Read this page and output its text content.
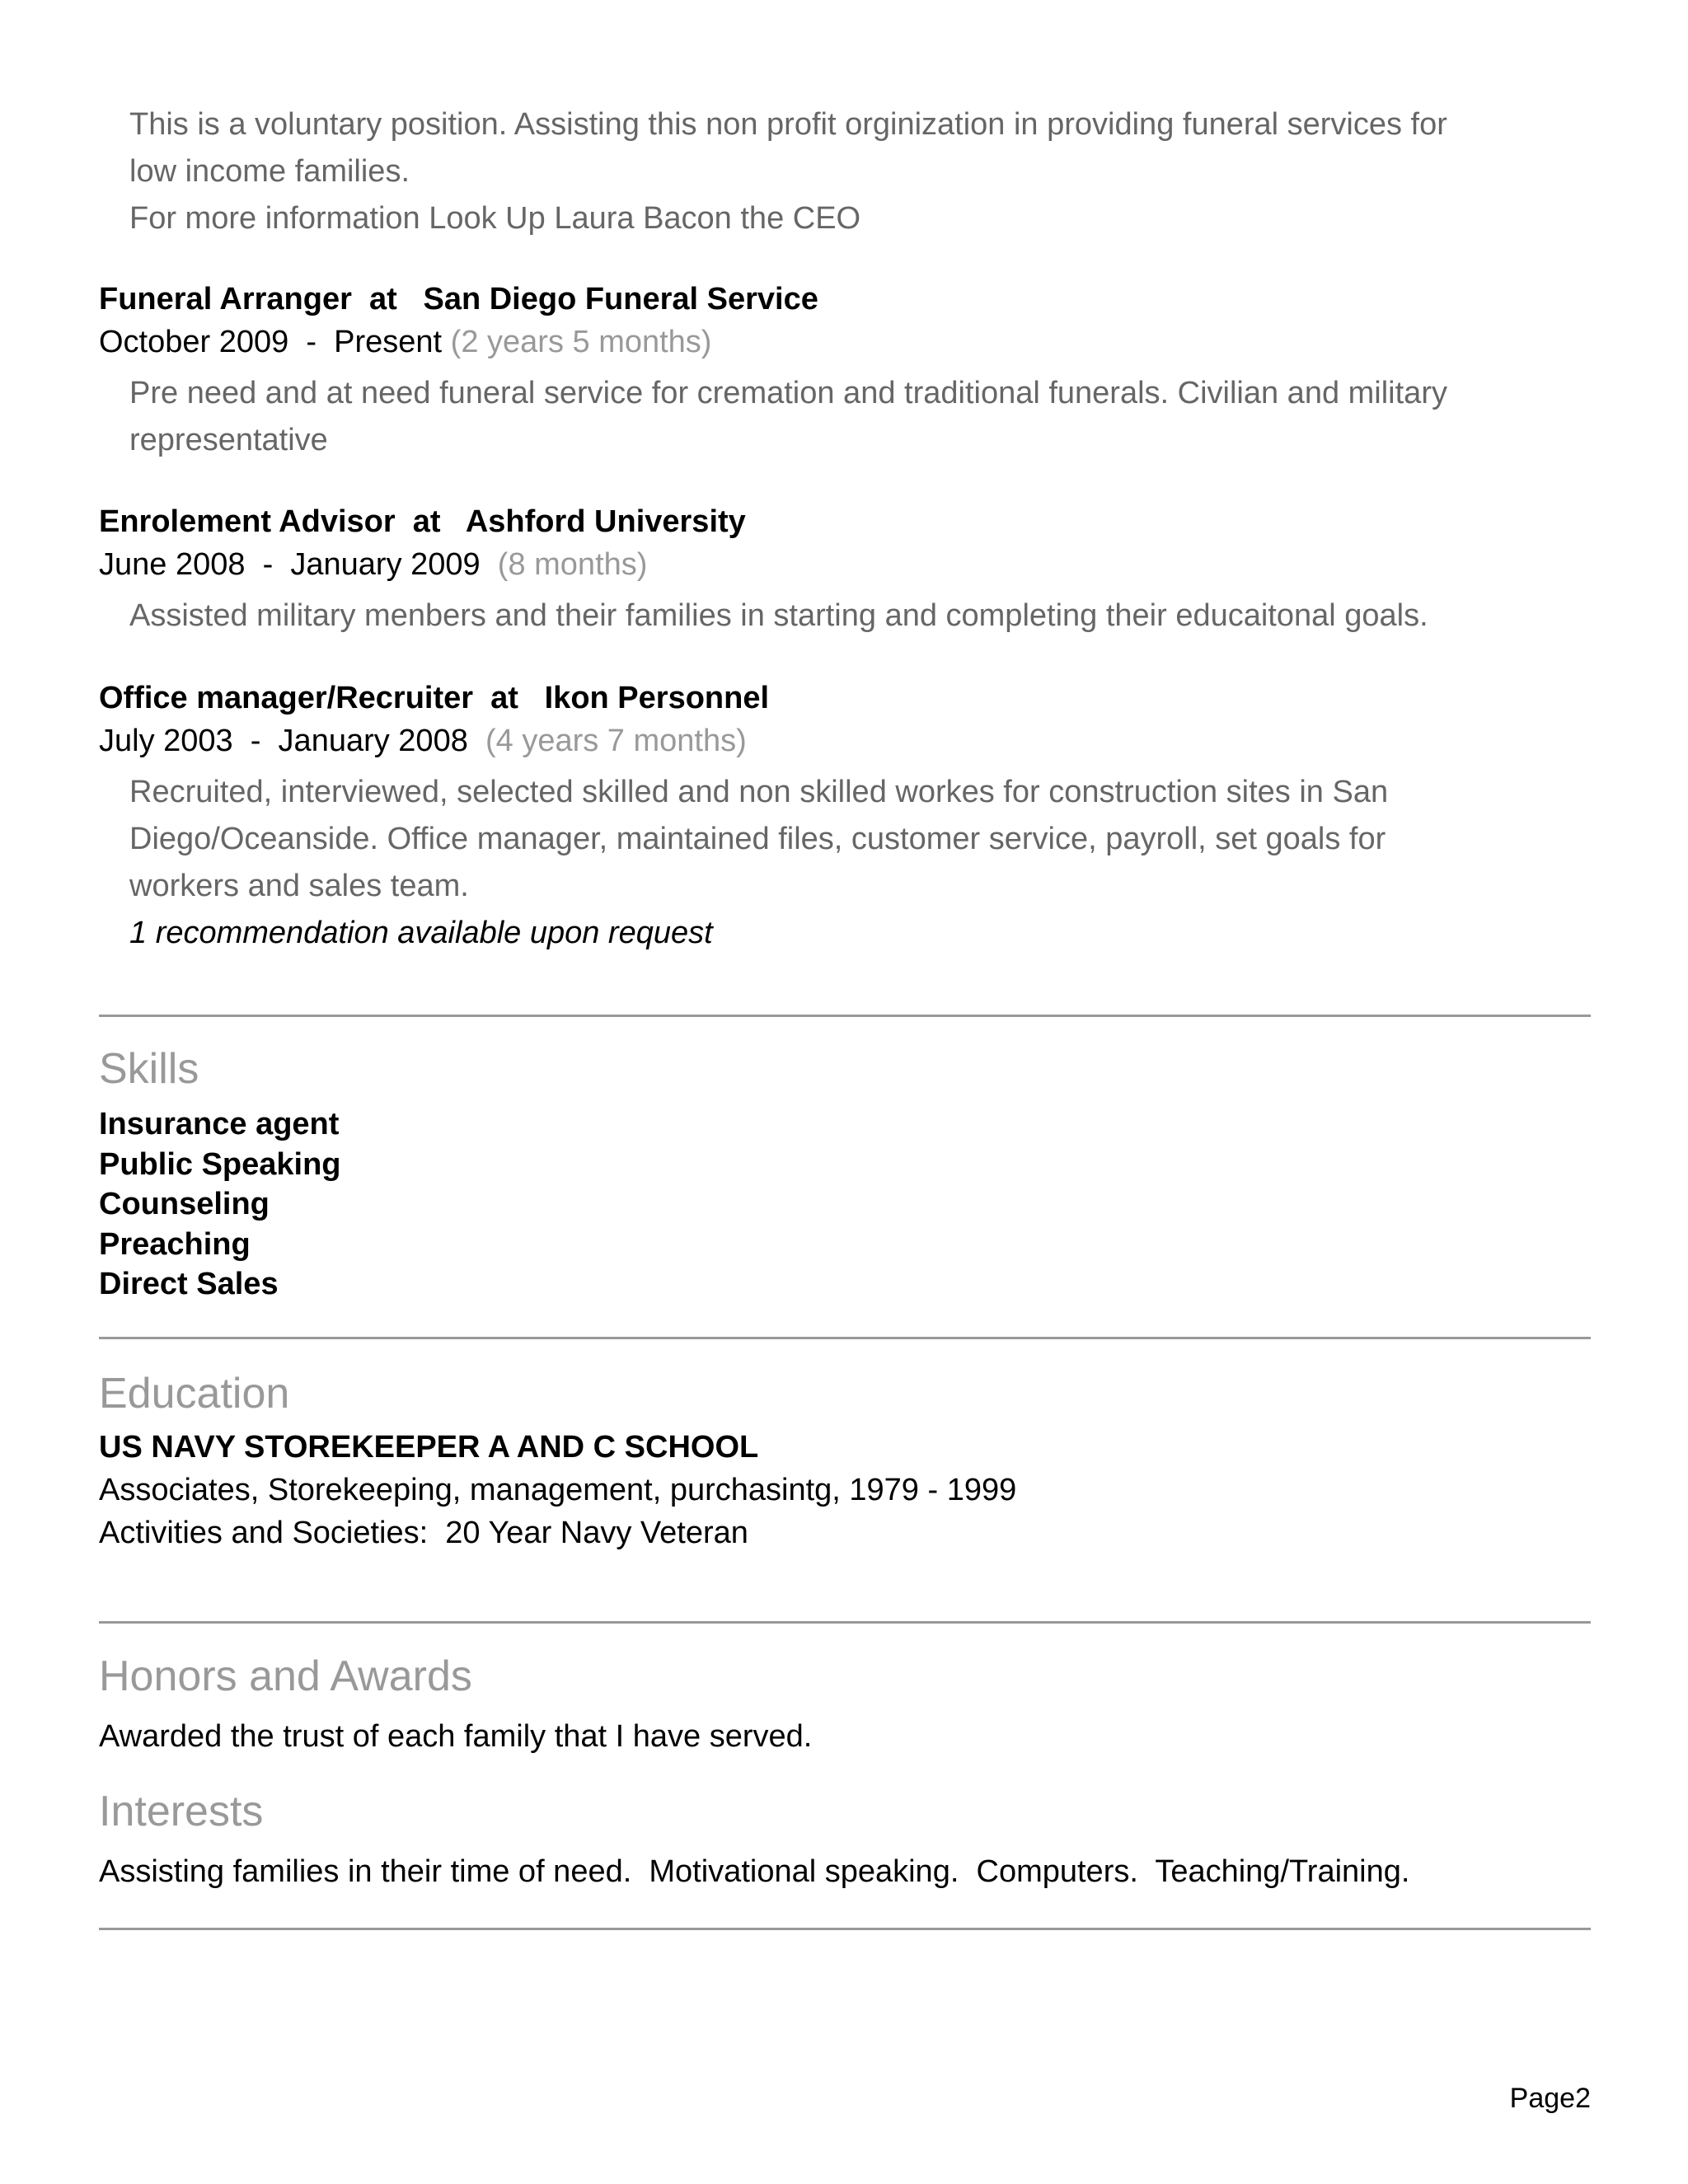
This is a voluntary position. Assisting this non profit orginization in providing funeral services for

low income families.

For more information Look Up Laura Bacon the CEO

Funeral Arranger  at   San Diego Funeral Service

October 2009  -  Present (2 years 5 months)

Pre need and at need funeral service for cremation and traditional funerals. Civilian and military

representative

Enrolement Advisor  at   Ashford University

June 2008  -  January 2009 (8 months)

Assisted military menbers and their families in starting and completing their educaitonal goals.

Office manager/Recruiter  at   Ikon Personnel

July 2003  -  January 2008 (4 years 7 months)

Recruited, interviewed, selected skilled and non skilled workes for construction sites in San

Diego/Oceanside. Office manager, maintained files, customer service, payroll, set goals for

workers and sales team.

1 recommendation available upon request

Skills

Insurance agent

Public Speaking

Counseling

Preaching

Direct Sales

Education

US NAVY STOREKEEPER A AND C SCHOOL

Associates, Storekeeping, management, purchasintg, 1979 - 1999

Activities and Societies:  20 Year Navy Veteran

Honors and Awards

Awarded the trust of each family that I have served.

Interests

Assisting families in their time of need.  Motivational speaking.  Computers.  Teaching/Training.

Page2
